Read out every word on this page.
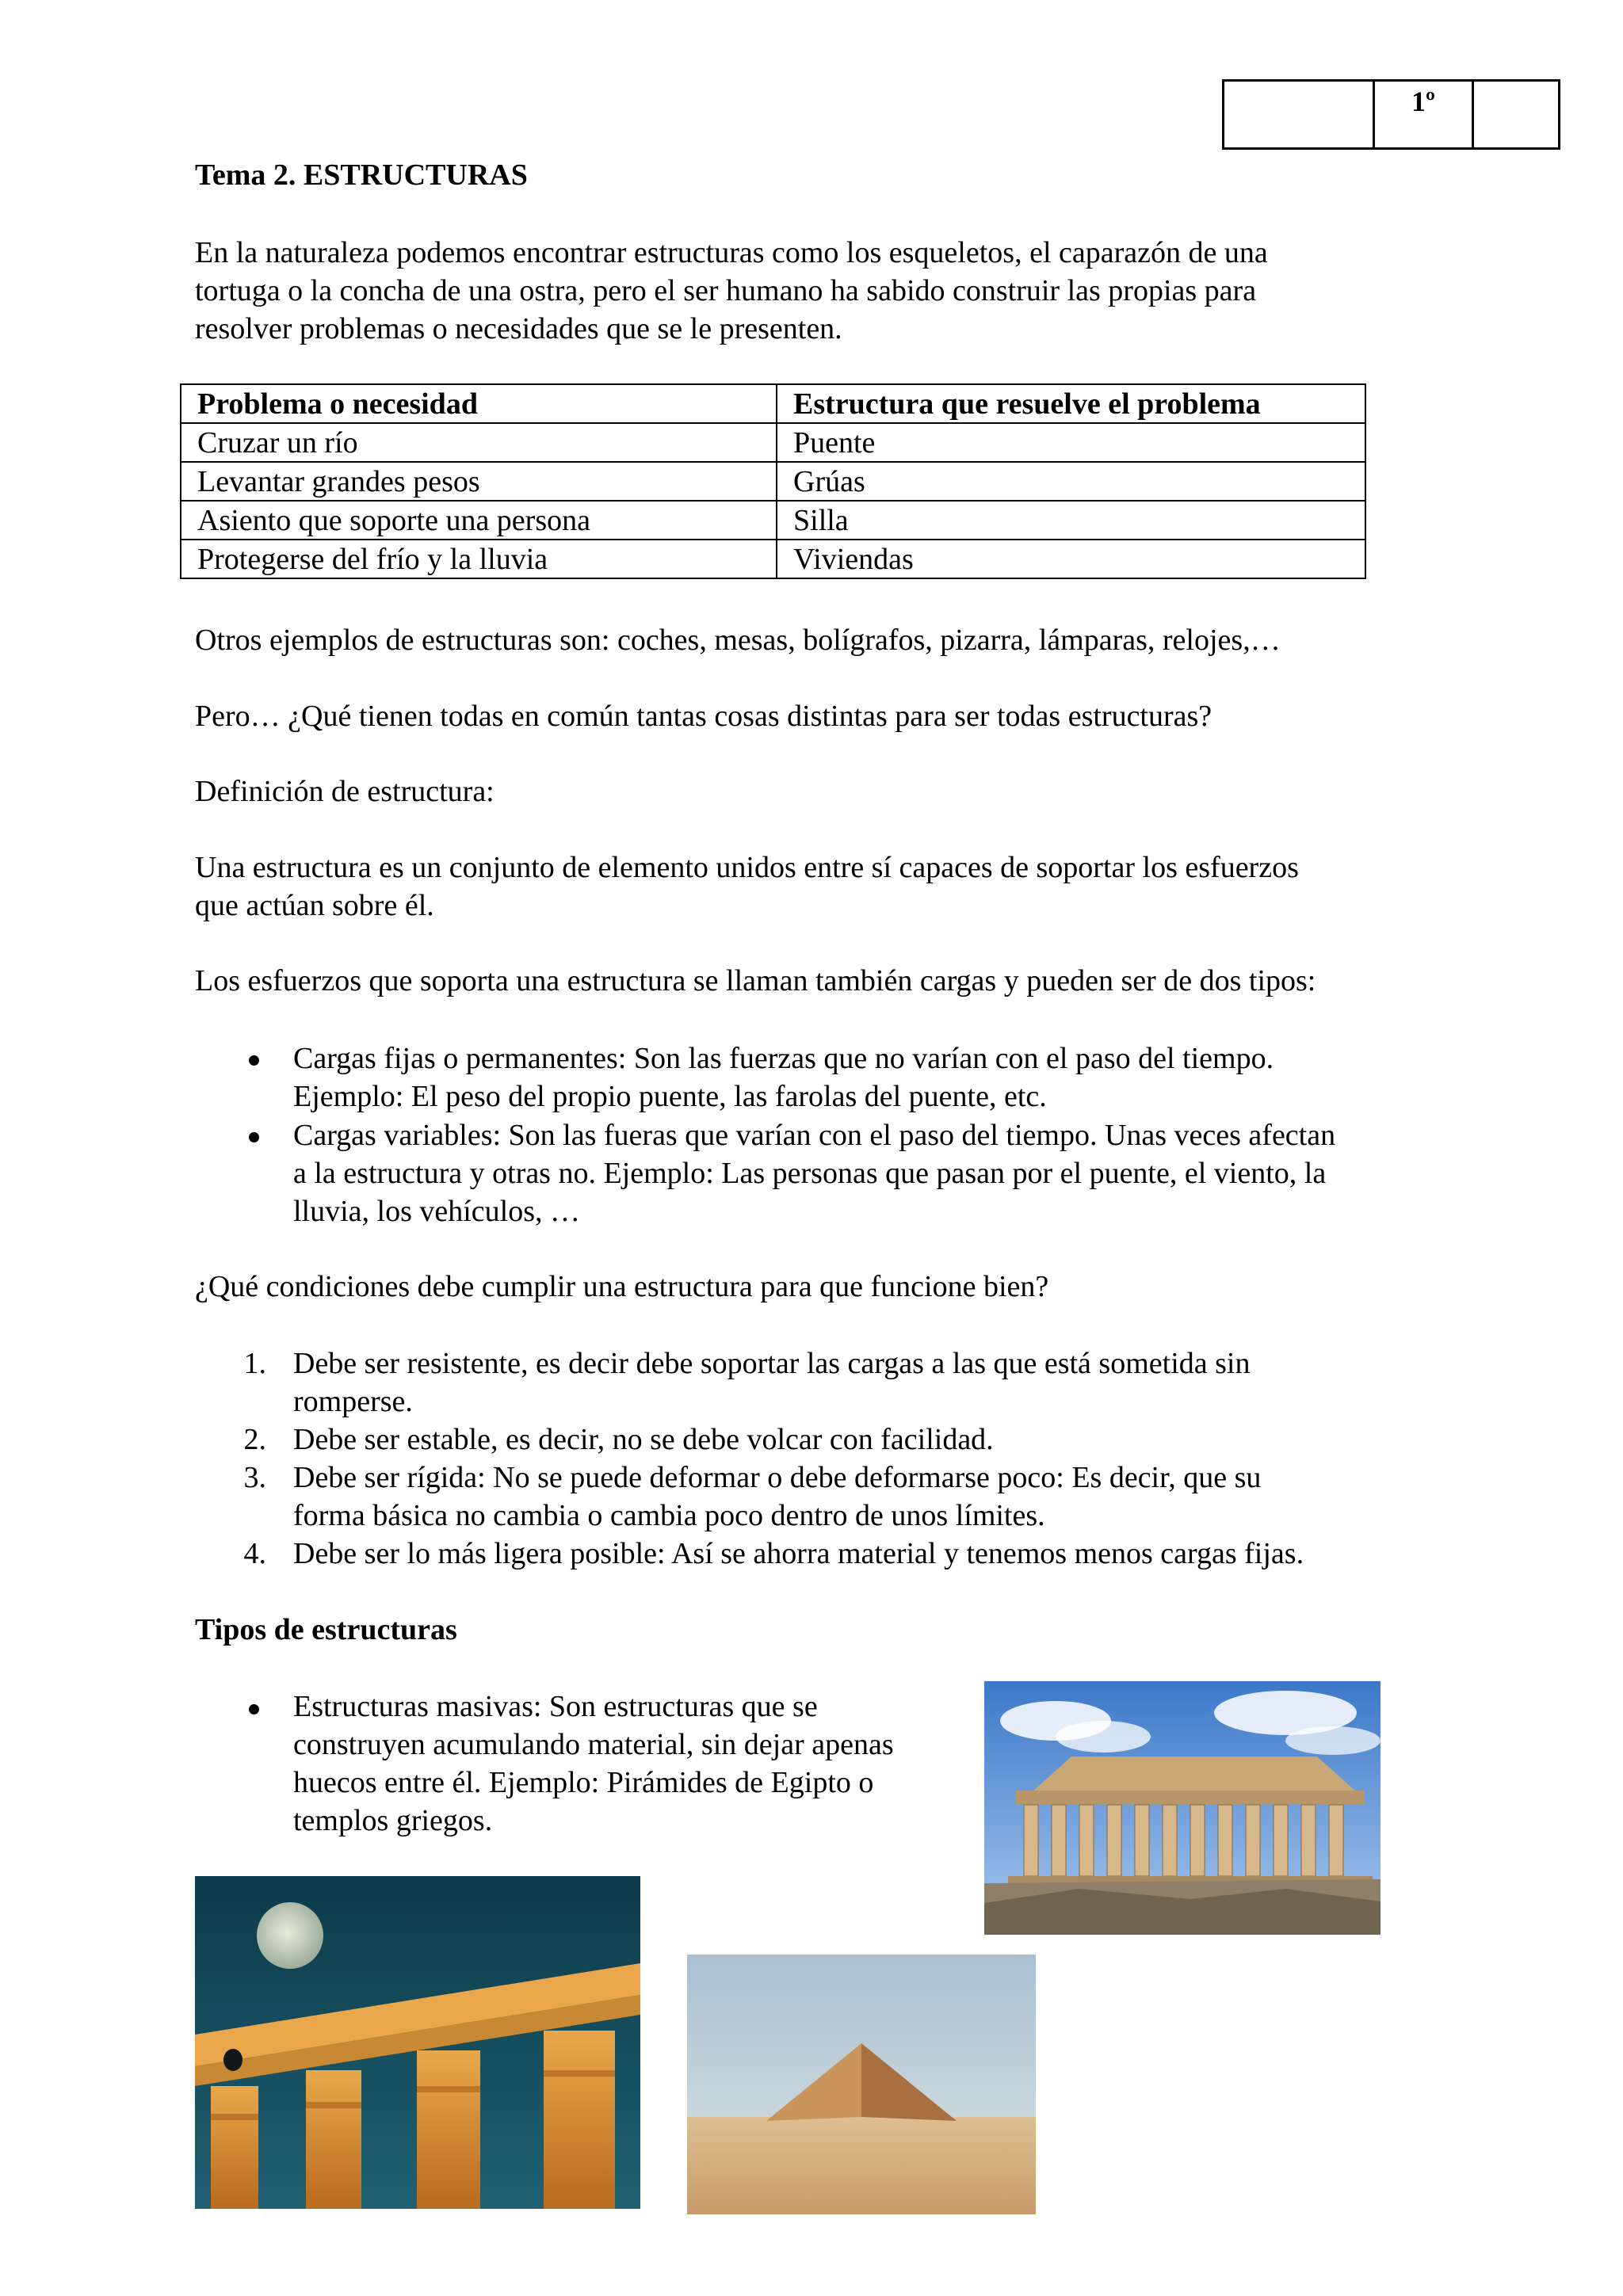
1º
Tema 2. ESTRUCTURAS
En la naturaleza podemos encontrar estructuras como los esqueletos, el caparazón de una
tortuga o la concha de una ostra, pero el ser humano ha sabido construir las propias para
resolver problemas o necesidades que se le presenten.
Problema o necesidad	Estructura que resuelve el problema
Cruzar un río	Puente
Levantar grandes pesos	Grúas
Asiento que soporte una persona	Silla
Protegerse del frío y la lluvia	Viviendas
Otros ejemplos de estructuras son: coches, mesas, bolígrafos, pizarra, lámparas, relojes,…
Pero… ¿Qué tienen todas en común tantas cosas distintas para ser todas estructuras?
Definición de estructura:
Una estructura es un conjunto de elemento unidos entre sí capaces de soportar los esfuerzos
que actúan sobre él.
Los esfuerzos que soporta una estructura se llaman también cargas y pueden ser de dos tipos:
Cargas fijas o permanentes: Son las fuerzas que no varían con el paso del tiempo.
Ejemplo: El peso del propio puente, las farolas del puente, etc.
Cargas variables: Son las fueras que varían con el paso del tiempo. Unas veces afectan
a la estructura y otras no. Ejemplo: Las personas que pasan por el puente, el viento, la
lluvia, los vehículos, …
¿Qué condiciones debe cumplir una estructura para que funcione bien?
1. Debe ser resistente, es decir debe soportar las cargas a las que está sometida sin
romperse.
2. Debe ser estable, es decir, no se debe volcar con facilidad.
3. Debe ser rígida: No se puede deformar o debe deformarse poco: Es decir, que su
forma básica no cambia o cambia poco dentro de unos límites.
4. Debe ser lo más ligera posible: Así se ahorra material y tenemos menos cargas fijas.
Tipos de estructuras
Estructuras masivas: Son estructuras que se
construyen acumulando material, sin dejar apenas
huecos entre él. Ejemplo: Pirámides de Egipto o
templos griegos.
